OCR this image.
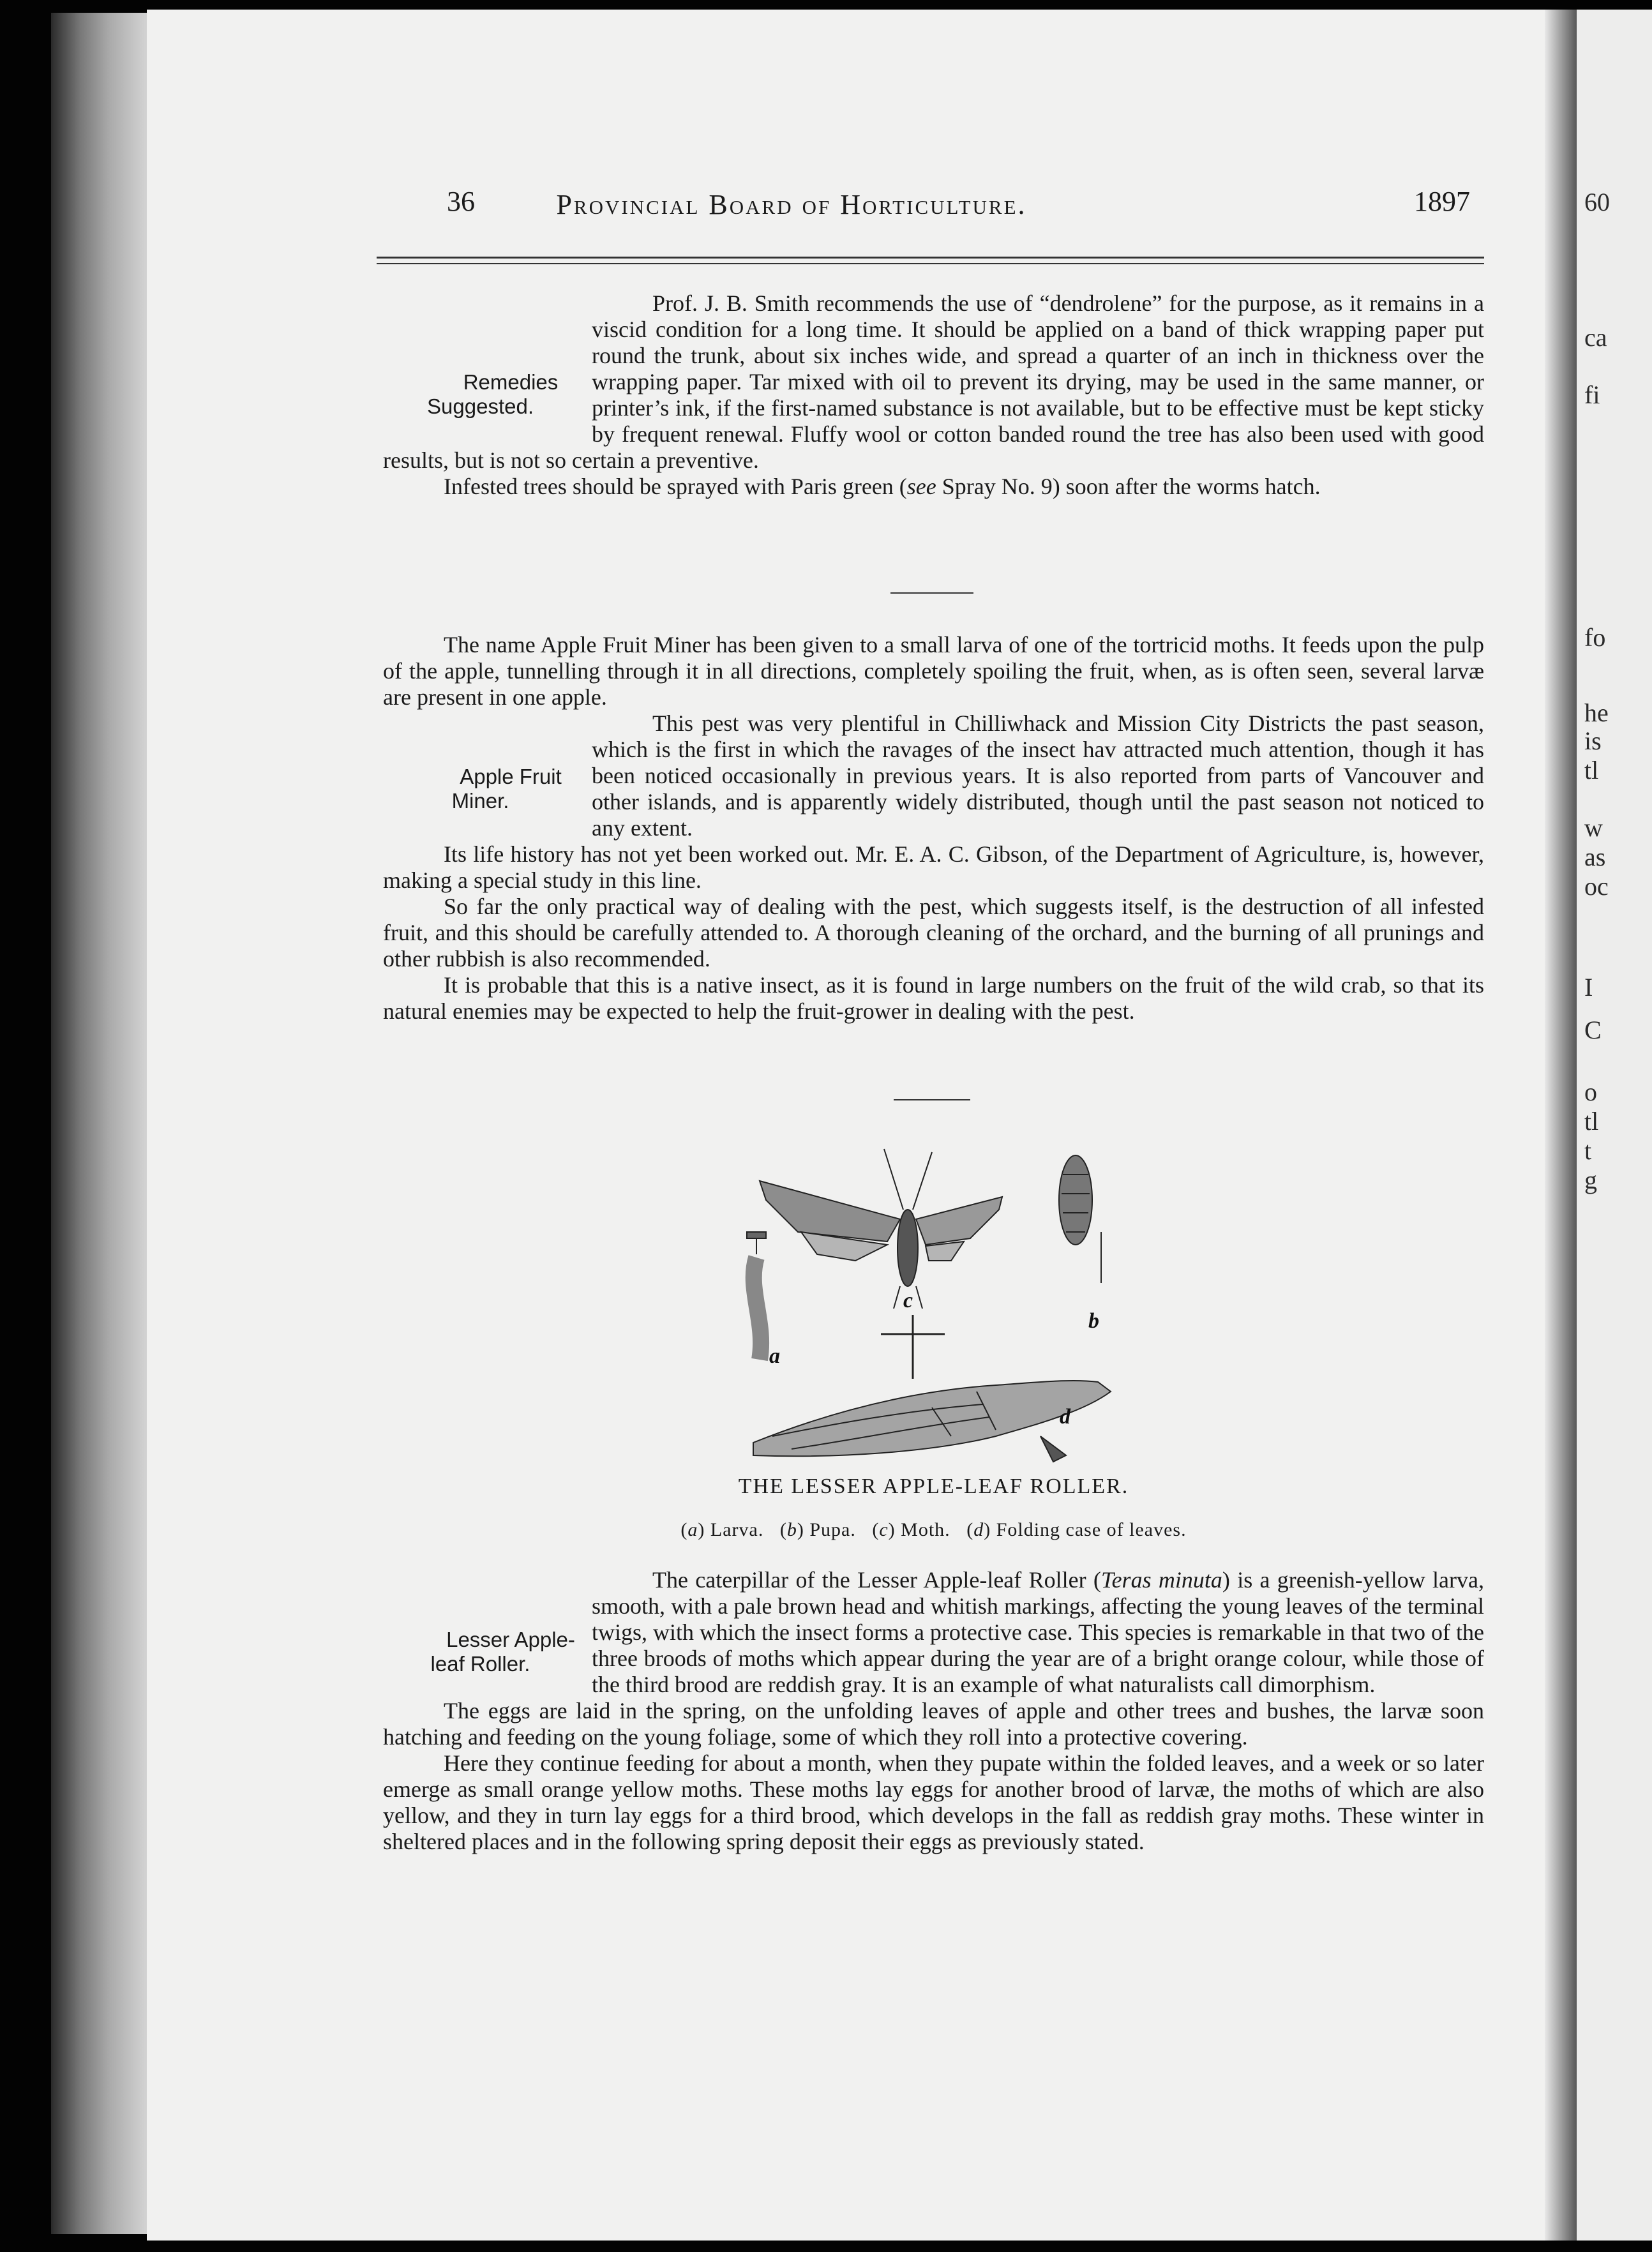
60
ca
fi
fo
he
is
tl
w
as
oc
I
C
o
tl
t
g
36	Provincial Board of Horticulture.	1897

Remedies Suggested.
Prof. J. B. Smith recommends the use of “dendrolene” for the purpose, as it remains in a viscid condition for a long time. It should be applied on a band of thick wrapping paper put round the trunk, about six inches wide, and spread a quarter of an inch in thickness over the wrapping paper. Tar mixed with oil to prevent its drying, may be used in the same manner, or printer’s ink, if the first-named substance is not available, but to be effective must be kept sticky by frequent renewal. Fluffy wool or cotton banded round the tree has also been used with good results, but is not so certain a preventive.

Infested trees should be sprayed with Paris green (see Spray No. 9) soon after the worms hatch.

The name Apple Fruit Miner has been given to a small larva of one of the tortricid moths. It feeds upon the pulp of the apple, tunnelling through it in all directions, completely spoiling the fruit, when, as is often seen, several larvæ are present in one apple.

Apple Fruit Miner.
This pest was very plentiful in Chilliwhack and Mission City Districts the past season, which is the first in which the ravages of the insect hav attracted much attention, though it has been noticed occasionally in previous years. It is also reported from parts of Vancouver and other islands, and is apparently widely distributed, though until the past season not noticed to any extent.

Its life history has not yet been worked out. Mr. E. A. C. Gibson, of the Department of Agriculture, is, however, making a special study in this line.

So far the only practical way of dealing with the pest, which suggests itself, is the destruction of all infested fruit, and this should be carefully attended to. A thorough cleaning of the orchard, and the burning of all prunings and other rubbish is also recommended.

It is probable that this is a native insect, as it is found in large numbers on the fruit of the wild crab, so that its natural enemies may be expected to help the fruit-grower in dealing with the pest.

c
b
a
d
THE LESSER APPLE-LEAF ROLLER.
(a) Larva.   (b) Pupa.   (c) Moth.   (d) Folding case of leaves.

Lesser Apple-leaf Roller.
The caterpillar of the Lesser Apple-leaf Roller (Teras minuta) is a greenish-yellow larva, smooth, with a pale brown head and whitish markings, affecting the young leaves of the terminal twigs, with which the insect forms a protective case. This species is remarkable in that two of the three broods of moths which appear during the year are of a bright orange colour, while those of the third brood are reddish gray. It is an example of what naturalists call dimorphism.

The eggs are laid in the spring, on the unfolding leaves of apple and other trees and bushes, the larvæ soon hatching and feeding on the young foliage, some of which they roll into a protective covering.

Here they continue feeding for about a month, when they pupate within the folded leaves, and a week or so later emerge as small orange yellow moths. These moths lay eggs for another brood of larvæ, the moths of which are also yellow, and they in turn lay eggs for a third brood, which develops in the fall as reddish gray moths. These winter in sheltered places and in the following spring deposit their eggs as previously stated.
